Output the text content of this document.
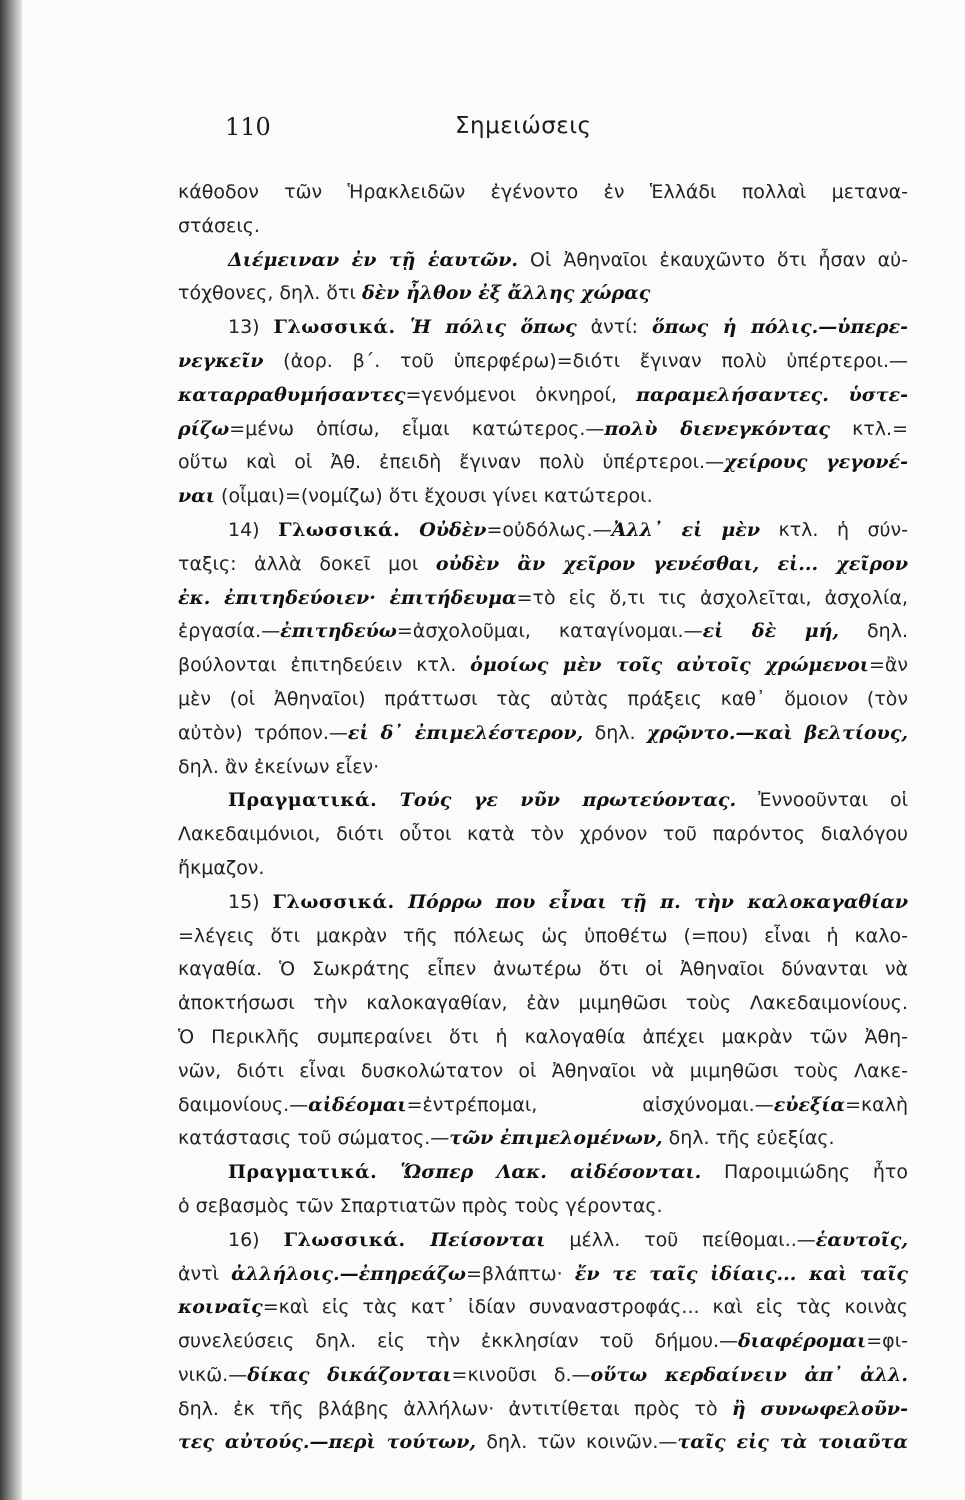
110	Σημειώσεις
κάθοδον τῶν Ἡρακλειδῶν ἐγένοντο ἐν Ἑλλάδι πολλαὶ μετανα-
στάσεις.
Διέμειναν ἐν τῇ ἑαυτῶν. Οἱ Ἀθηναῖοι ἐκαυχῶντο ὅτι ἦσαν αὐ-
τόχθονες, δηλ. ὅτι δὲν ἦλθον ἐξ ἄλλης χώρας
13) Γλωσσικά. Ἡ πόλις ὅπως ἀντί: ὅπως ἡ πόλις.—ὑπερε-
νεγκεῖν (ἀορ. β΄. τοῦ ὑπερφέρω)=διότι ἔγιναν πολὺ ὑπέρτεροι.—
καταρραθυμήσαντες=γενόμενοι ὀκνηροί, παραμελήσαντες. ὑστε-
ρίζω=μένω ὀπίσω, εἶμαι κατώτερος.—πολὺ διενεγκόντας κτλ.=
οὕτω καὶ οἱ Ἀθ. ἐπειδὴ ἔγιναν πολὺ ὑπέρτεροι.—χείρους γεγονέ-
ναι (οἶμαι)=(νομίζω) ὅτι ἔχουσι γίνει κατώτεροι.
14) Γλωσσικά. Οὐδὲν=οὐδόλως.—Ἀλλ᾽ εἰ μὲν κτλ. ἡ σύν-
ταξις: ἀλλὰ δοκεῖ μοι οὐδὲν ἂν χεῖρον γενέσθαι, εἰ... χεῖρον
ἐκ. ἐπιτηδεύοιεν· ἐπιτήδευμα=τὸ εἰς ὅ,τι τις ἀσχολεῖται, ἀσχολία,
ἐργασία.—ἐπιτηδεύω=ἀσχολοῦμαι, καταγίνομαι.—εἰ δὲ μή, δηλ.
βούλονται ἐπιτηδεύειν κτλ. ὁμοίως μὲν τοῖς αὐτοῖς χρώμενοι=ἂν
μὲν (οἱ Ἀθηναῖοι) πράττωσι τὰς αὐτὰς πράξεις καθ᾽ ὅμοιον (τὸν
αὐτὸν) τρόπον.—εἰ δ᾽ ἐπιμελέστερον, δηλ. χρῷντο.—καὶ βελτίους,
δηλ. ἂν ἐκείνων εἶεν·
Πραγματικά. Τούς γε νῦν πρωτεύοντας. Ἐννοοῦνται οἱ
Λακεδαιμόνιοι, διότι οὗτοι κατὰ τὸν χρόνον τοῦ παρόντος διαλόγου
ἤκμαζον.
15) Γλωσσικά. Πόρρω που εἶναι τῇ π. τὴν καλοκαγαθίαν
=λέγεις ὅτι μακρὰν τῆς πόλεως ὡς ὑποθέτω (=που) εἶναι ἡ καλο-
καγαθία. Ὁ Σωκράτης εἶπεν ἀνωτέρω ὅτι οἱ Ἀθηναῖοι δύνανται νὰ
ἀποκτήσωσι τὴν καλοκαγαθίαν, ἐὰν μιμηθῶσι τοὺς Λακεδαιμονίους.
Ὁ Περικλῆς συμπεραίνει ὅτι ἡ καλογαθία ἀπέχει μακρὰν τῶν Ἀθη-
νῶν, διότι εἶναι δυσκολώτατον οἱ Ἀθηναῖοι νὰ μιμηθῶσι τοὺς Λακε-
δαιμονίους.—αἰδέομαι=ἐντρέπομαι, αἰσχύνομαι.—εὐεξία=καλὴ
κατάστασις τοῦ σώματος.—τῶν ἐπιμελομένων, δηλ. τῆς εὐεξίας.
Πραγματικά. Ὥσπερ Λακ. αἰδέσονται. Παροιμιώδης ἦτο
ὁ σεβασμὸς τῶν Σπαρτιατῶν πρὸς τοὺς γέροντας.
16) Γλωσσικά. Πείσονται μέλλ. τοῦ πείθομαι..—ἑαυτοῖς,
ἀντὶ ἀλλήλοις.—ἐπηρεάζω=βλάπτω· ἔν τε ταῖς ἰδίαις... καὶ ταῖς
κοιναῖς=καὶ εἰς τὰς κατ᾽ ἰδίαν συναναστροφάς... καὶ εἰς τὰς κοινὰς
συνελεύσεις δηλ. εἰς τὴν ἐκκλησίαν τοῦ δήμου.—διαφέρομαι=φι-
νικῶ.—δίκας δικάζονται=κινοῦσι δ.—οὕτω κερδαίνειν ἀπ᾽ ἀλλ.
δηλ. ἐκ τῆς βλάβης ἀλλήλων· ἀντιτίθεται πρὸς τὸ ἢ συνωφελοῦν-
τες αὐτούς.—περὶ τούτων, δηλ. τῶν κοινῶν.—ταῖς εἰς τὰ τοιαῦτα
